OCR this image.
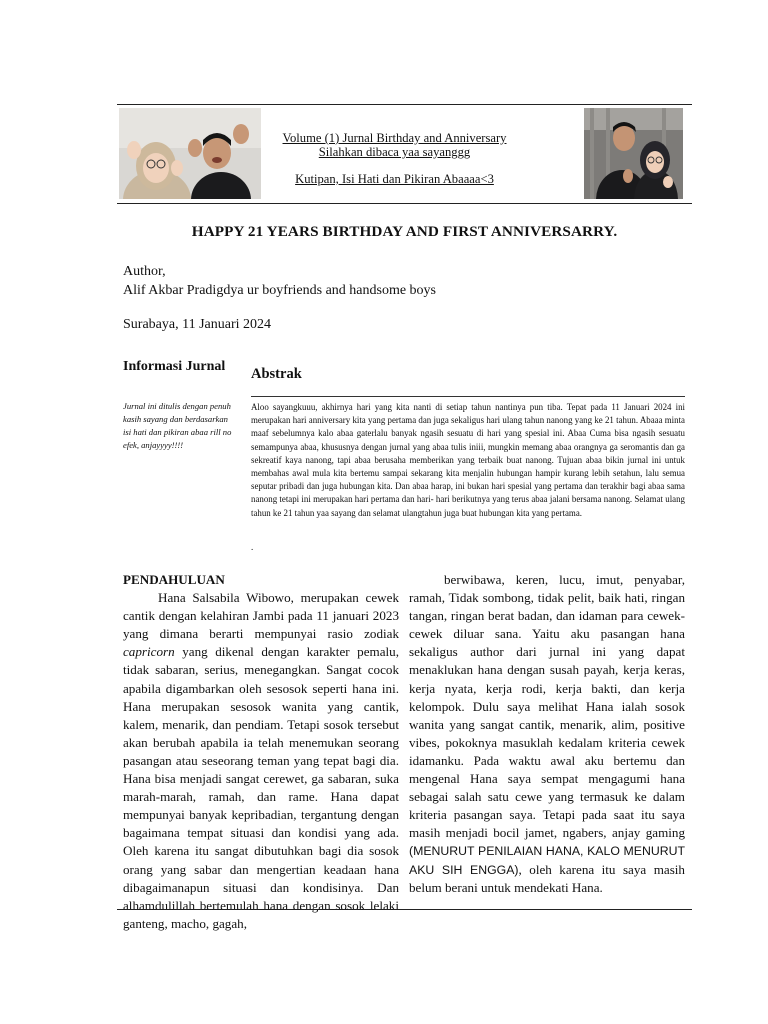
Volume (1) Jurnal Birthday and Anniversary
Silahkan dibaca yaa sayanggg
Kutipan, Isi Hati dan Pikiran Abaaaa<3
HAPPY 21 YEARS BIRTHDAY AND FIRST ANNIVERSARRY.
Author,
Alif Akbar Pradigdya ur boyfriends and handsome boys
Surabaya, 11 Januari 2024
Informasi Jurnal
Jurnal ini ditulis dengan penuh kasih sayang dan berdasarkan isi hati dan pikiran abaa rill no efek, anjayyyy!!!!
Abstrak
Aloo sayangkuuu, akhirnya hari yang kita nanti di setiap tahun nantinya pun tiba. Tepat pada 11 Januari 2024 ini merupakan hari anniversary kita yang pertama dan juga sekaligus hari ulang tahun nanong yang ke 21 tahun. Abaaa minta maaf sebelumnya kalo abaa gaterlalu banyak ngasih sesuatu di hari yang spesial ini. Abaa Cuma bisa ngasih sesuatu semampunya abaa, khususnya dengan jurnal yang abaa tulis iniii, mungkin memang abaa orangnya ga seromantis dan ga sekreatif kaya nanong, tapi abaa berusaha memberikan yang terbaik buat nanong. Tujuan abaa bikin jurnal ini untuk membahas awal mula kita bertemu sampai sekarang kita menjalin hubungan hampir kurang lebih setahun, lalu semua seputar pribadi dan juga hubungan kita. Dan abaa harap, ini bukan hari spesial yang pertama dan terakhir bagi abaa sama nanong tetapi ini merupakan hari pertama dan hari- hari berikutnya yang terus abaa jalani bersama nanong. Selamat ulang tahun ke 21 tahun yaa sayang dan selamat ulangtahun juga buat hubungan kita yang pertama.
.
PENDAHULUAN
Hana Salsabila Wibowo, merupakan cewek cantik dengan kelahiran Jambi pada 11 januari 2023 yang dimana berarti mempunyai rasio zodiak capricorn yang dikenal dengan karakter pemalu, tidak sabaran, serius, menegangkan. Sangat cocok apabila digambarkan oleh sesosok seperti hana ini. Hana merupakan sesosok wanita yang cantik, kalem, menarik, dan pendiam. Tetapi sosok tersebut akan berubah apabila ia telah menemukan seorang pasangan atau seseorang teman yang tepat bagi dia. Hana bisa menjadi sangat cerewet, ga sabaran, suka marah-marah, ramah, dan rame. Hana dapat mempunyai banyak kepribadian, tergantung dengan bagaimana tempat situasi dan kondisi yang ada. Oleh karena itu sangat dibutuhkan bagi dia sosok orang yang sabar dan mengertian keadaan hana dibagaimanapun situasi dan kondisinya. Dan alhamdulillah bertemulah hana dengan sosok lelaki ganteng, macho, gagah,
berwibawa, keren, lucu, imut, penyabar, ramah, Tidak sombong, tidak pelit, baik hati, ringan tangan, ringan berat badan, dan idaman para cewek-cewek diluar sana. Yaitu aku pasangan hana sekaligus author dari jurnal ini yang dapat menaklukan hana dengan susah payah, kerja keras, kerja nyata, kerja rodi, kerja bakti, dan kerja kelompok. Dulu saya melihat Hana ialah sosok wanita yang sangat cantik, menarik, alim, positive vibes, pokoknya masuklah kedalam kriteria cewek idamanku. Pada waktu awal aku bertemu dan mengenal Hana saya sempat mengagumi hana sebagai salah satu cewe yang termasuk ke dalam kriteria pasangan saya. Tetapi pada saat itu saya masih menjadi bocil jamet, ngabers, anjay gaming (MENURUT PENILAIAN HANA, KALO MENURUT AKU SIH ENGGA), oleh karena itu saya masih belum berani untuk mendekati Hana.
